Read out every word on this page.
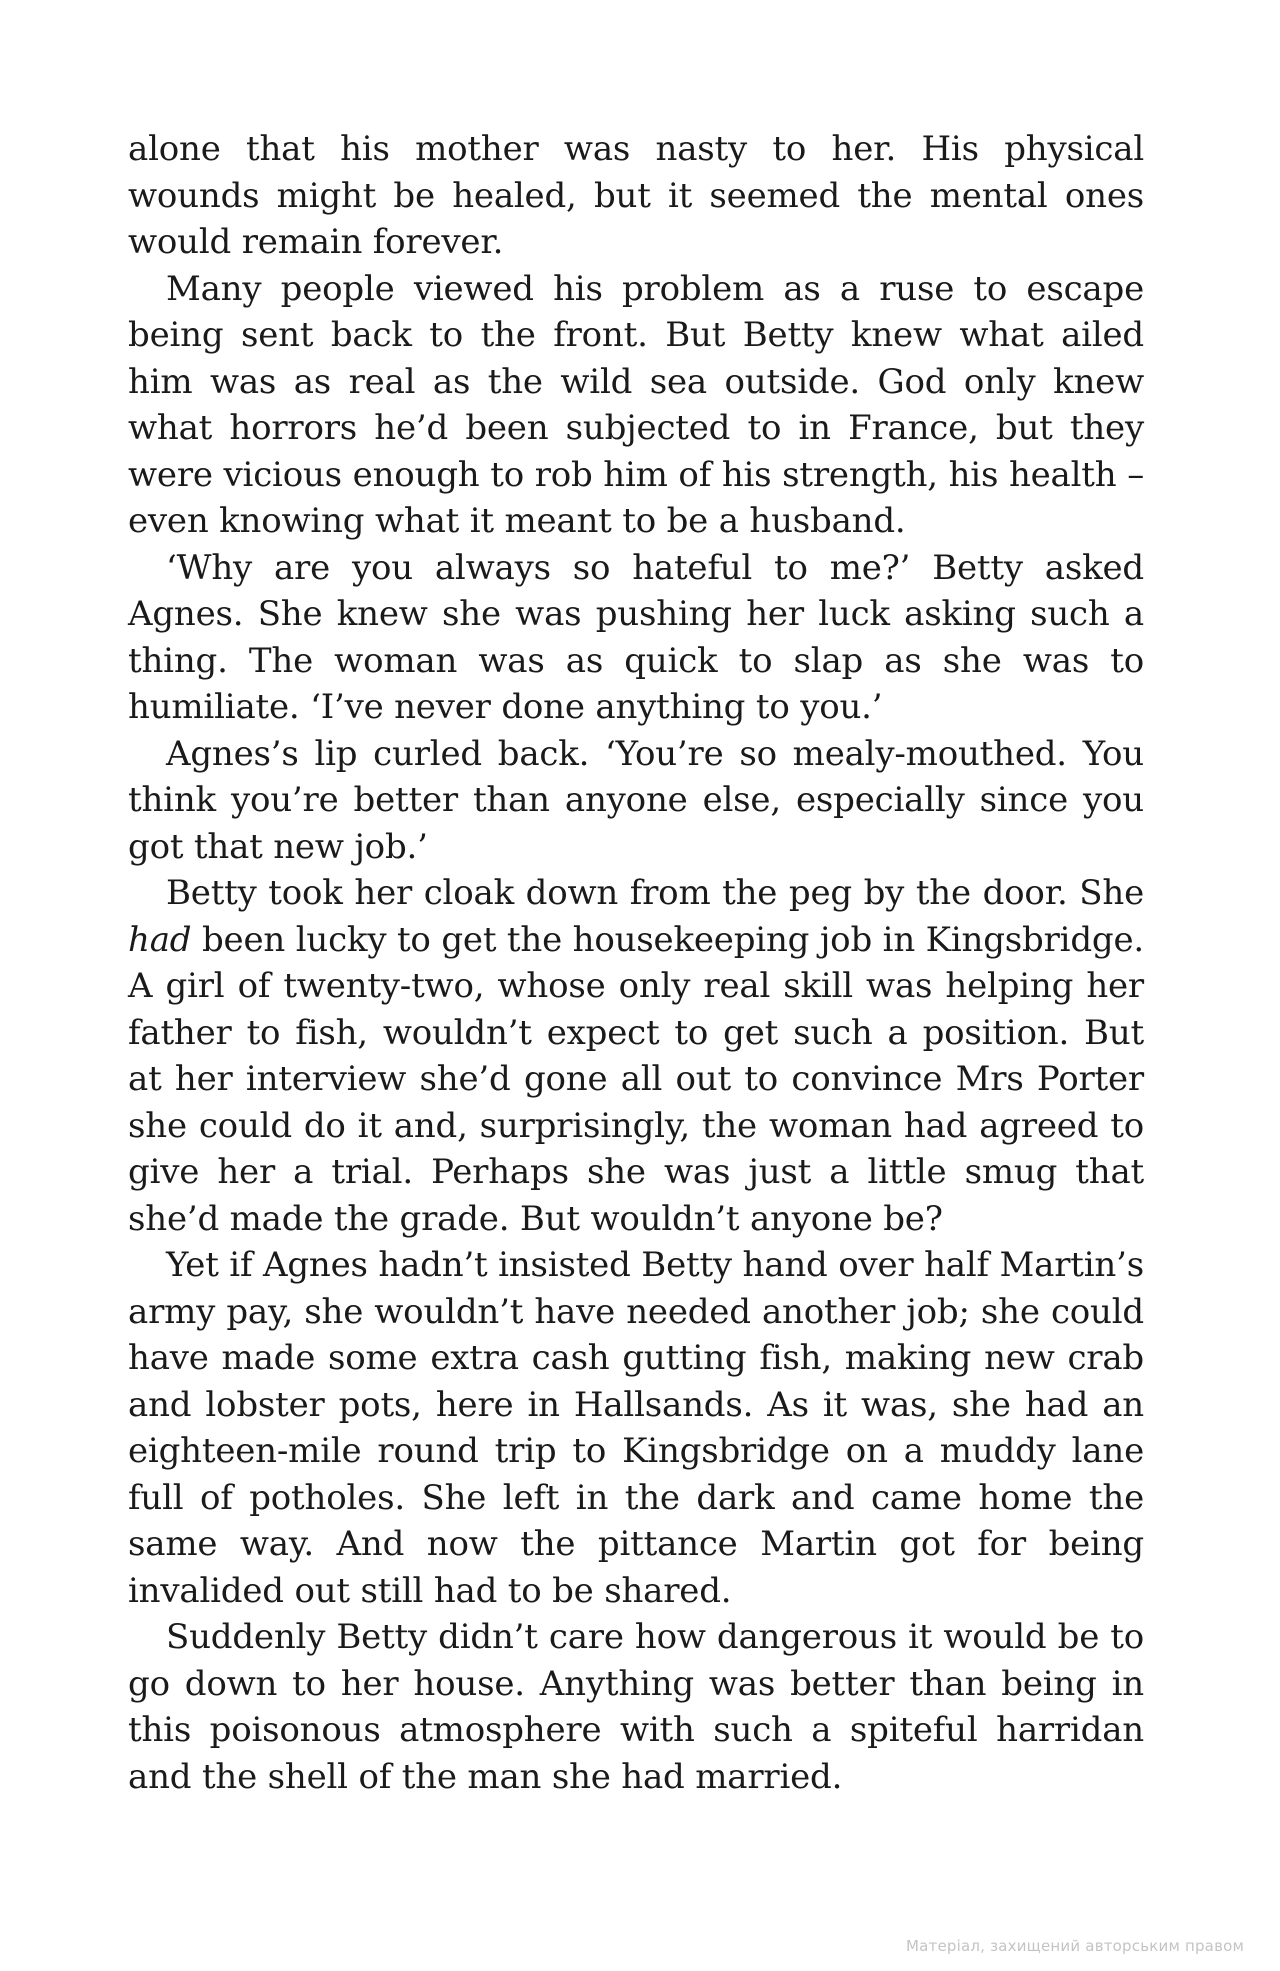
alone that his mother was nasty to her. His physical wounds might be healed, but it seemed the mental ones would remain forever.

Many people viewed his problem as a ruse to escape being sent back to the front. But Betty knew what ailed him was as real as the wild sea outside. God only knew what horrors he’d been subjected to in France, but they were vicious enough to rob him of his strength, his health – even knowing what it meant to be a husband.

‘Why are you always so hateful to me?’ Betty asked Agnes. She knew she was pushing her luck asking such a thing. The woman was as quick to slap as she was to humiliate. ‘I’ve never done anything to you.’

Agnes’s lip curled back. ‘You’re so mealy-mouthed. You think you’re better than anyone else, especially since you got that new job.’

Betty took her cloak down from the peg by the door. She had been lucky to get the housekeeping job in Kingsbridge. A girl of twenty-two, whose only real skill was helping her father to fish, wouldn’t expect to get such a position. But at her interview she’d gone all out to convince Mrs Porter she could do it and, surprisingly, the woman had agreed to give her a trial. Perhaps she was just a little smug that she’d made the grade. But wouldn’t anyone be?

Yet if Agnes hadn’t insisted Betty hand over half Martin’s army pay, she wouldn’t have needed another job; she could have made some extra cash gutting fish, making new crab and lobster pots, here in Hallsands. As it was, she had an eighteen-mile round trip to Kingsbridge on a muddy lane full of potholes. She left in the dark and came home the same way. And now the pittance Martin got for being invalided out still had to be shared.

Suddenly Betty didn’t care how dangerous it would be to go down to her house. Anything was better than being in this poisonous atmosphere with such a spiteful harridan and the shell of the man she had married.

Матеріал, захищений авторським правом
